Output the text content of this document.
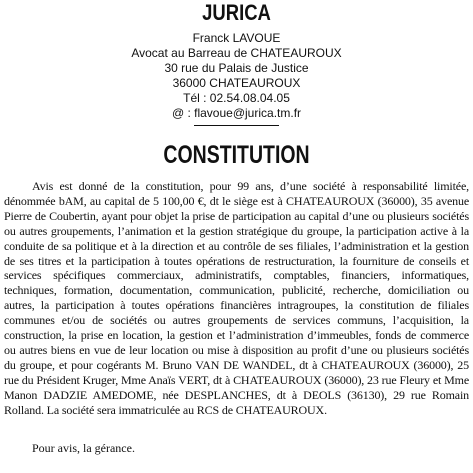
JURICA
Franck LAVOUE
Avocat au Barreau de CHATEAUROUX
30 rue du Palais de Justice
36000 CHATEAUROUX
Tél : 02.54.08.04.05
@ : flavoue@jurica.tm.fr
CONSTITUTION

Avis est donné de la constitution, pour 99 ans, d’une société à responsabilité limitée, dénommée bAM, au capital de 5 100,00 €, dt le siège est à CHATEAUROUX (36000), 35 avenue Pierre de Coubertin, ayant pour objet la prise de participation au capital d’une ou plusieurs sociétés ou autres groupements, l’animation et la gestion stratégique du groupe, la participation active à la conduite de sa politique et à la direction et au contrôle de ses filiales, l’administration et la gestion de ses titres et la participation à toutes opérations de restructuration, la fourniture de conseils et services spécifiques commerciaux, administratifs, comptables, financiers, informatiques, techniques, formation, documentation, communication, publicité, recherche, domiciliation ou autres, la participation à toutes opérations financières intragroupes, la constitution de filiales communes et/ou de sociétés ou autres groupements de services communs, l’acquisition, la construction, la prise en location, la gestion et l’administration d’immeubles, fonds de commerce ou autres biens en vue de leur location ou mise à disposition au profit d’une ou plusieurs sociétés du groupe, et pour cogérants M. Bruno VAN DE WANDEL, dt à CHATEAUROUX (36000), 25 rue du Président Kruger, Mme Anaïs VERT, dt à CHATEAUROUX (36000), 23 rue Fleury et Mme Manon DADZIE AMEDOME, née DESPLANCHES, dt à DEOLS (36130), 29 rue Romain Rolland. La société sera immatriculée au RCS de CHATEAUROUX.

Pour avis, la gérance.
